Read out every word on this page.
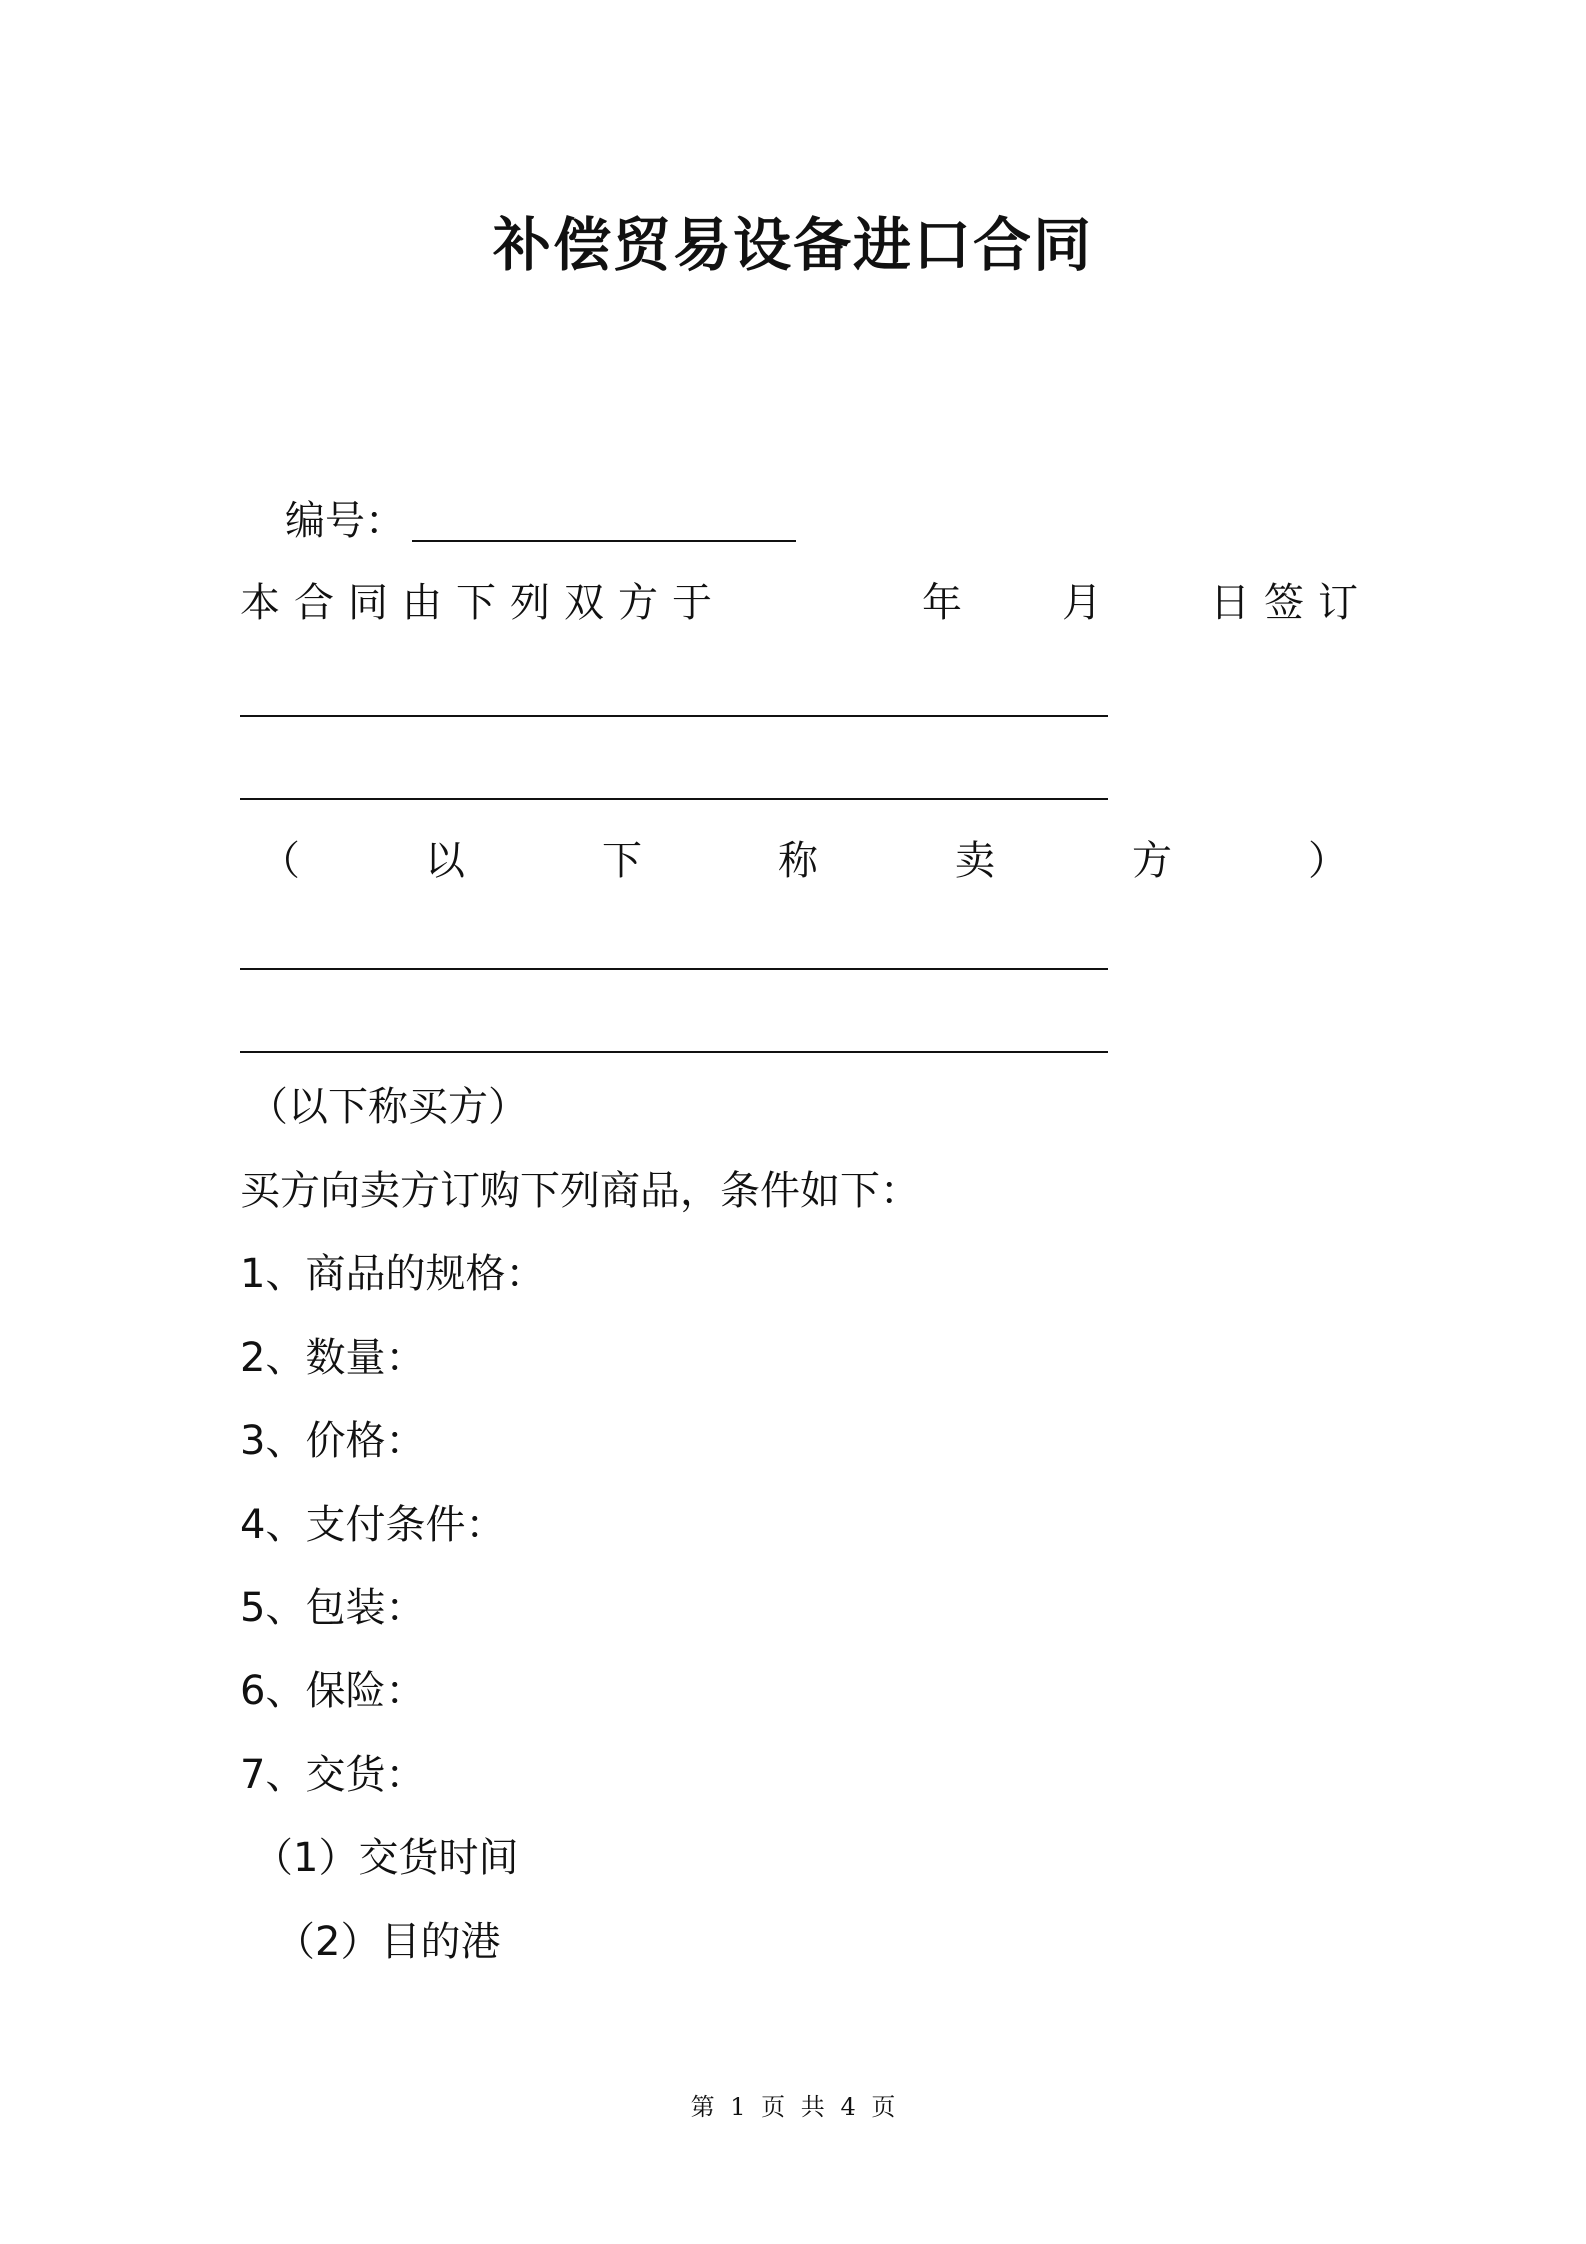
补偿贸易设备进口合同
编号：
本合同由下列双方于	年	月	日签订
（	以	下	称	卖	方	）
（以下称买方）
买方向卖方订购下列商品，条件如下：
1、商品的规格：
2、数量：
3、价格：
4、支付条件：
5、包装：
6、保险：
7、交货：
（1）交货时间
（2）目的港
第 1 页 共 4 页
